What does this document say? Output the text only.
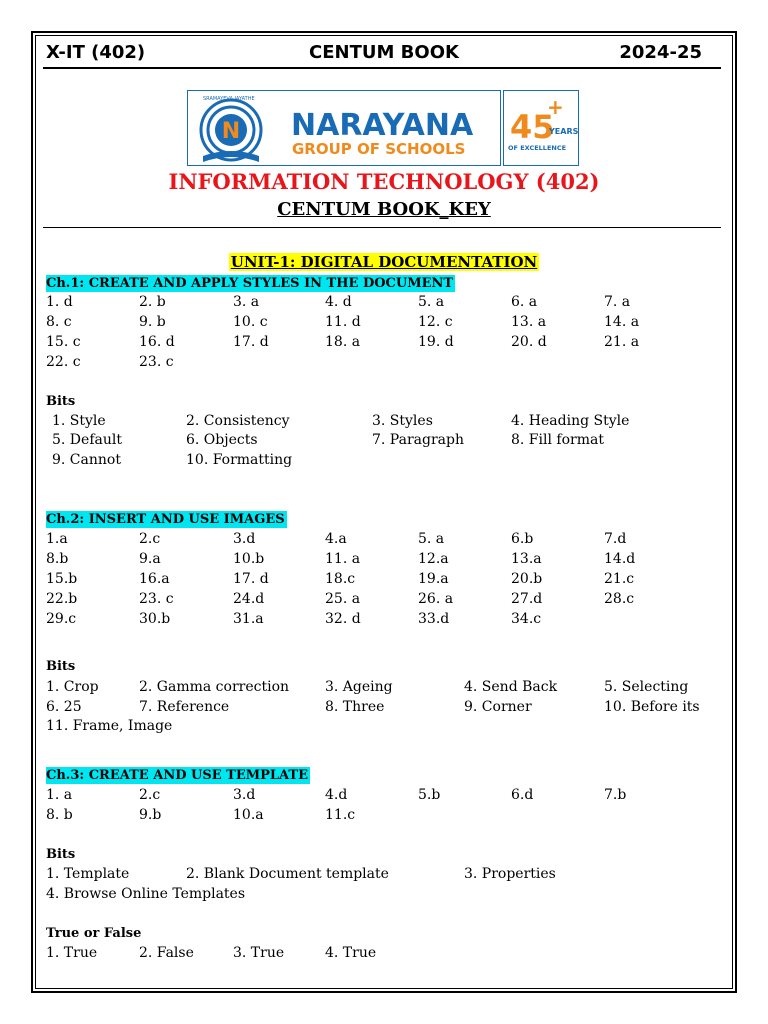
X-IT (402)	CENTUM BOOK	2024-25
N
SRAMAYEVA JAYATHE
NARAYANA
GROUP OF SCHOOLS
45
+
YEARS
OF EXCELLENCE
INFORMATION TECHNOLOGY (402)
CENTUM BOOK_KEY
UNIT-1: DIGITAL DOCUMENTATION
Ch.1: CREATE AND APPLY STYLES IN THE DOCUMENT
1. d	2. b	3. a	4. d	5. a	6. a	7. a
8. c	9. b	10. c	11. d	12. c	13. a	14. a
15. c	16. d	17. d	18. a	19. d	20. d	21. a
22. c	23. c
Bits
1. Style	2. Consistency	3. Styles	4. Heading Style
5. Default	6. Objects	7. Paragraph	8. Fill format
9. Cannot	10. Formatting
Ch.2: INSERT AND USE IMAGES
1.a	2.c	3.d	4.a	5. a	6.b	7.d
8.b	9.a	10.b	11. a	12.a	13.a	14.d
15.b	16.a	17. d	18.c	19.a	20.b	21.c
22.b	23. c	24.d	25. a	26. a	27.d	28.c
29.c	30.b	31.a	32. d	33.d	34.c
Bits
1. Crop	2. Gamma correction	3. Ageing	4. Send Back	5. Selecting
6. 25	7. Reference	8. Three	9. Corner	10. Before its
11. Frame, Image
Ch.3: CREATE AND USE TEMPLATE
1. a	2.c	3.d	4.d	5.b	6.d	7.b
8. b	9.b	10.a	11.c
Bits
1. Template	2. Blank Document template	3. Properties
4. Browse Online Templates
True or False
1. True	2. False	3. True	4. True
